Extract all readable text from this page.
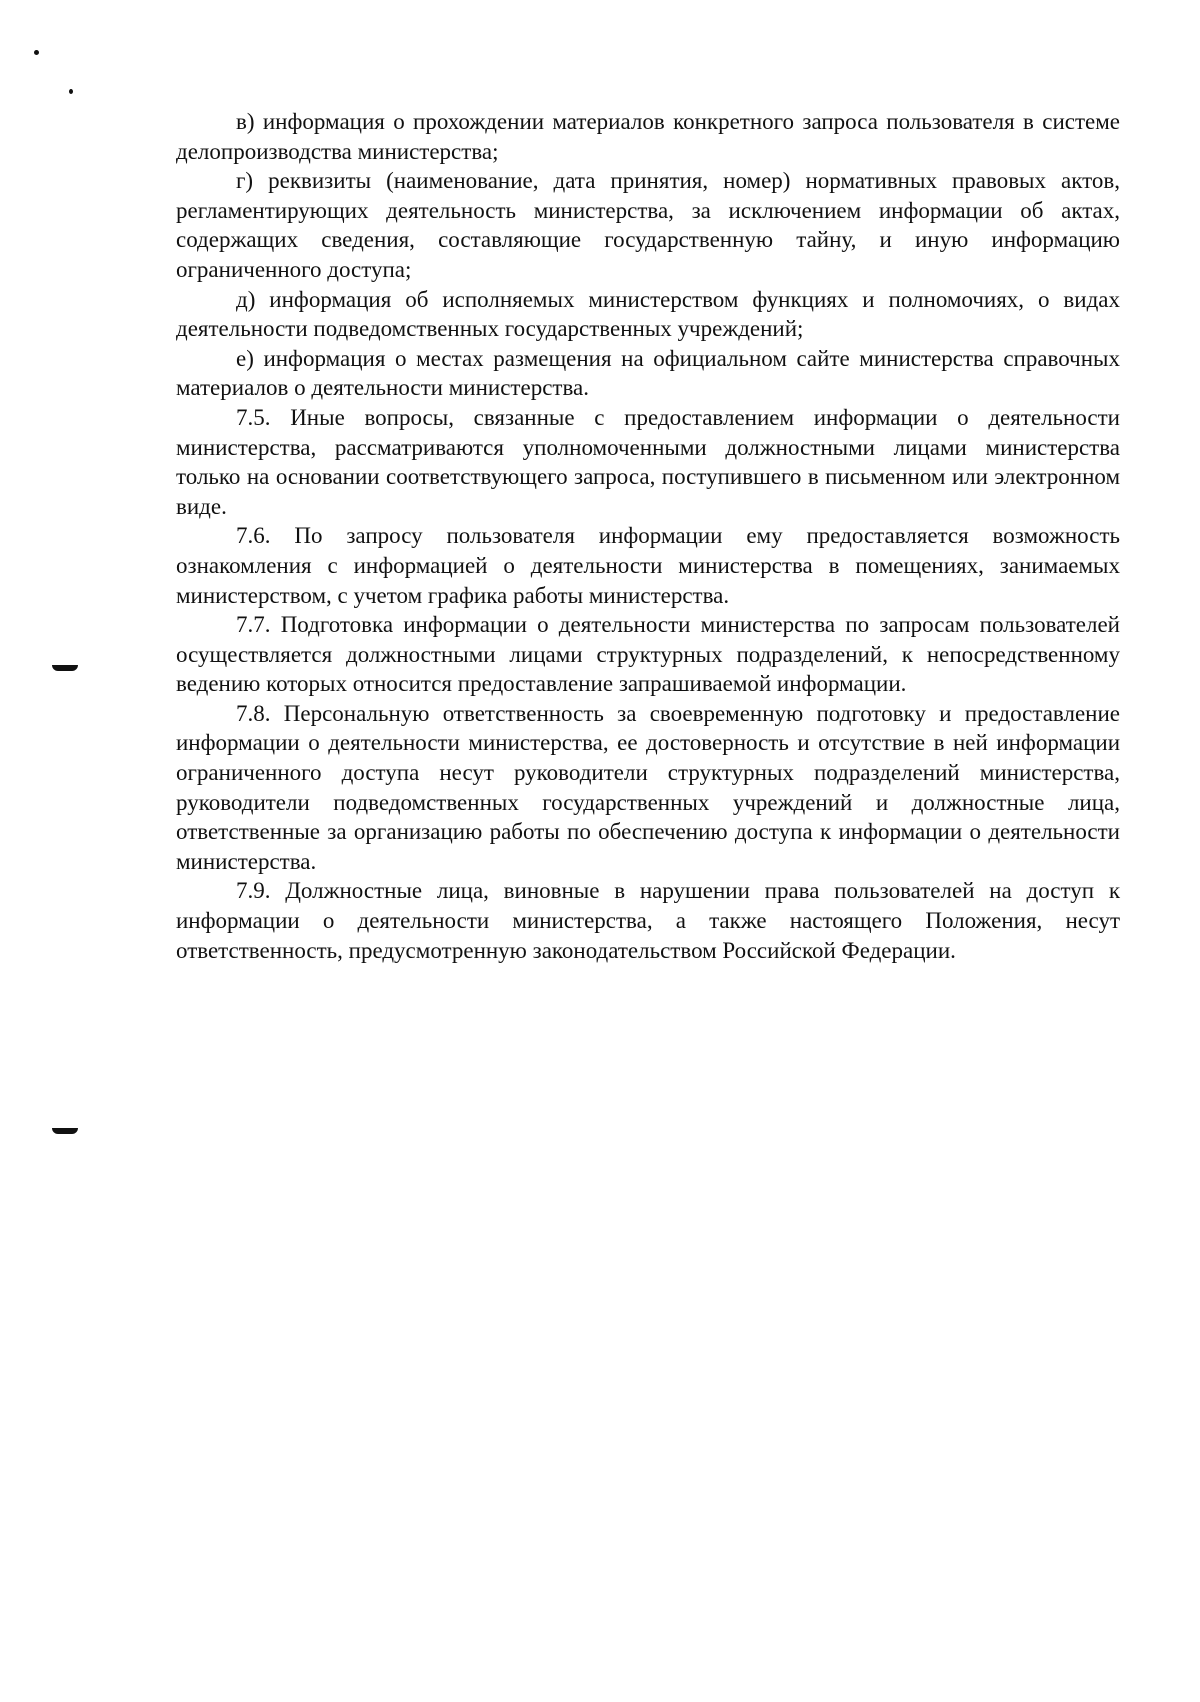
в) информация о прохождении материалов конкретного запроса пользователя в системе делопроизводства министерства;

г) реквизиты (наименование, дата принятия, номер) нормативных правовых актов, регламентирующих деятельность министерства, за исключением информации об актах, содержащих сведения, составляющие государственную тайну, и иную информацию ограниченного доступа;

д) информация об исполняемых министерством функциях и полномочиях, о видах деятельности подведомственных государственных учреждений;

е) информация о местах размещения на официальном сайте министерства справочных материалов о деятельности министерства.

7.5. Иные вопросы, связанные с предоставлением информации о деятельности министерства, рассматриваются уполномоченными должностными лицами министерства только на основании соответствующего запроса, поступившего в письменном или электронном виде.

7.6. По запросу пользователя информации ему предоставляется возможность ознакомления с информацией о деятельности министерства в помещениях, занимаемых министерством, с учетом графика работы министерства.

7.7. Подготовка информации о деятельности министерства по запросам пользователей осуществляется должностными лицами структурных подразделений, к непосредственному ведению которых относится предоставление запрашиваемой информации.

7.8. Персональную ответственность за своевременную подготовку и предоставление информации о деятельности министерства, ее достоверность и отсутствие в ней информации ограниченного доступа несут руководители структурных подразделений министерства, руководители подведомственных государственных учреждений и должностные лица, ответственные за организацию работы по обеспечению доступа к информации о деятельности министерства.

7.9. Должностные лица, виновные в нарушении права пользователей на доступ к информации о деятельности министерства, а также настоящего Положения, несут ответственность, предусмотренную законодательством Российской Федерации.
